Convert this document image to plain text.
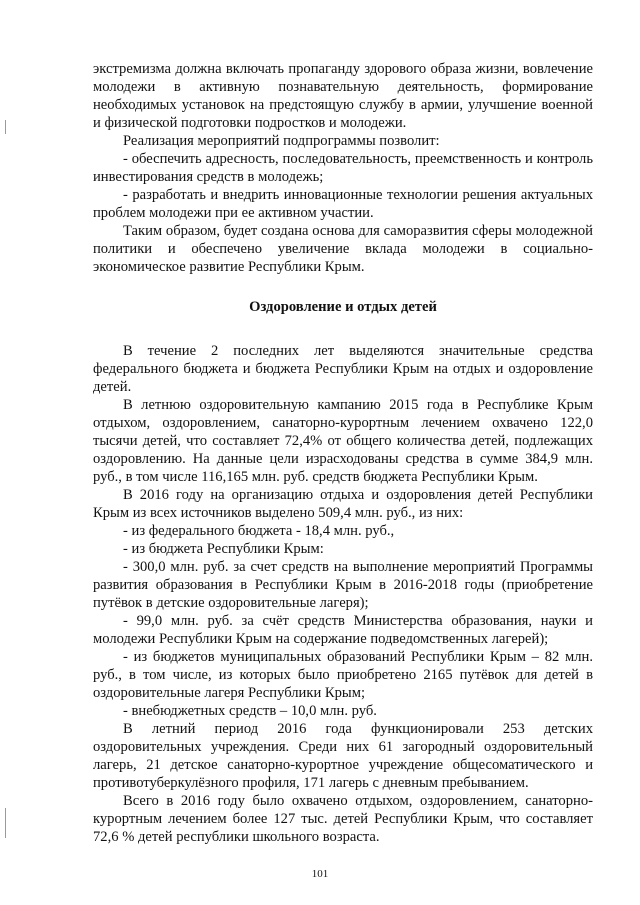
экстремизма должна включать пропаганду здорового образа жизни, вовлечение молодежи в активную познавательную деятельность, формирование необходимых установок на предстоящую службу в армии, улучшение военной и физической подготовки подростков и молодежи.

Реализация мероприятий подпрограммы позволит:

- обеспечить адресность, последовательность, преемственность и контроль инвестирования средств в молодежь;

- разработать и внедрить инновационные технологии решения актуальных проблем молодежи при ее активном участии.

Таким образом, будет создана основа для саморазвития сферы молодежной политики и обеспечено увеличение вклада молодежи в социально-экономическое развитие Республики Крым.

Оздоровление и отдых детей

В течение 2 последних лет выделяются значительные средства федерального бюджета и бюджета Республики Крым на отдых и оздоровление детей.

В летнюю оздоровительную кампанию 2015 года в Республике Крым отдыхом, оздоровлением, санаторно-курортным лечением охвачено 122,0 тысячи детей, что составляет 72,4% от общего количества детей, подлежащих оздоровлению. На данные цели израсходованы средства в сумме 384,9 млн. руб., в том числе 116,165 млн. руб. средств бюджета Республики Крым.

В 2016 году на организацию отдыха и оздоровления детей Республики Крым из всех источников выделено 509,4 млн. руб., из них:

- из федерального бюджета - 18,4 млн. руб.,

- из бюджета Республики Крым:

- 300,0 млн. руб. за счет средств на выполнение мероприятий Программы развития образования в Республики Крым в 2016-2018 годы (приобретение путёвок в детские оздоровительные лагеря);

- 99,0 млн. руб. за счёт средств Министерства образования, науки и молодежи Республики Крым на содержание подведомственных лагерей);

- из бюджетов муниципальных образований Республики Крым – 82 млн. руб., в том числе, из которых было приобретено 2165 путёвок для детей в оздоровительные лагеря Республики Крым;

- внебюджетных средств – 10,0 млн. руб.

В летний период 2016 года функционировали 253 детских оздоровительных учреждения. Среди них 61 загородный оздоровительный лагерь, 21 детское санаторно-курортное учреждение общесоматического и противотуберкулёзного профиля, 171 лагерь с дневным пребыванием.

Всего в 2016 году было охвачено отдыхом, оздоровлением, санаторно-курортным лечением более 127 тыс. детей Республики Крым, что составляет 72,6 % детей республики школьного возраста.

101
